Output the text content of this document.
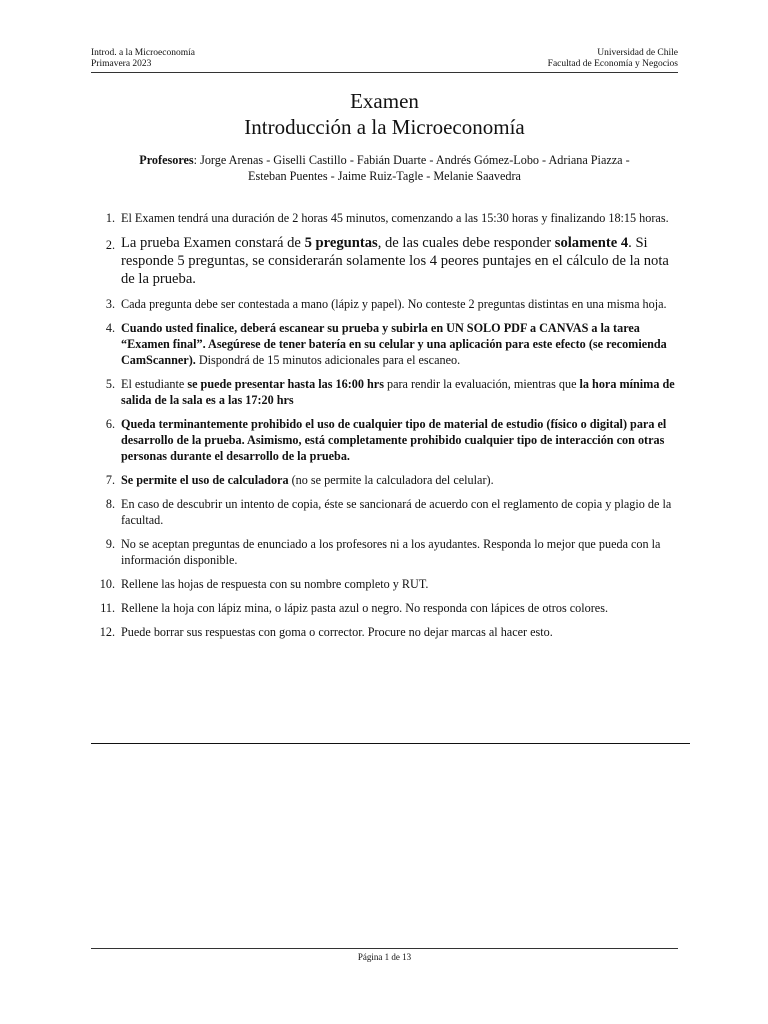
Introd. a la Microeconomía
Primavera 2023
Universidad de Chile
Facultad de Economía y Negocios
Examen
Introducción a la Microeconomía
Profesores: Jorge Arenas - Giselli Castillo - Fabián Duarte - Andrés Gómez-Lobo - Adriana Piazza -
Esteban Puentes - Jaime Ruiz-Tagle - Melanie Saavedra
1. El Examen tendrá una duración de 2 horas 45 minutos, comenzando a las 15:30 horas y finalizando 18:15 horas.
2. La prueba Examen constará de 5 preguntas, de las cuales debe responder solamente 4. Si responde 5 preguntas, se considerarán solamente los 4 peores puntajes en el cálculo de la nota de la prueba.
3. Cada pregunta debe ser contestada a mano (lápiz y papel). No conteste 2 preguntas distintas en una misma hoja.
4. Cuando usted finalice, deberá escanear su prueba y subirla en UN SOLO PDF a CANVAS a la tarea “Examen final”. Asegúrese de tener batería en su celular y una aplicación para este efecto (se recomienda CamScanner). Dispondrá de 15 minutos adicionales para el escaneo.
5. El estudiante se puede presentar hasta las 16:00 hrs para rendir la evaluación, mientras que la hora mínima de salida de la sala es a las 17:20 hrs
6. Queda terminantemente prohibido el uso de cualquier tipo de material de estudio (físico o digital) para el desarrollo de la prueba. Asimismo, está completamente prohibido cualquier tipo de interacción con otras personas durante el desarrollo de la prueba.
7. Se permite el uso de calculadora (no se permite la calculadora del celular).
8. En caso de descubrir un intento de copia, éste se sancionará de acuerdo con el reglamento de copia y plagio de la facultad.
9. No se aceptan preguntas de enunciado a los profesores ni a los ayudantes. Responda lo mejor que pueda con la información disponible.
10. Rellene las hojas de respuesta con su nombre completo y RUT.
11. Rellene la hoja con lápiz mina, o lápiz pasta azul o negro. No responda con lápices de otros colores.
12. Puede borrar sus respuestas con goma o corrector. Procure no dejar marcas al hacer esto.
Página 1 de 13
